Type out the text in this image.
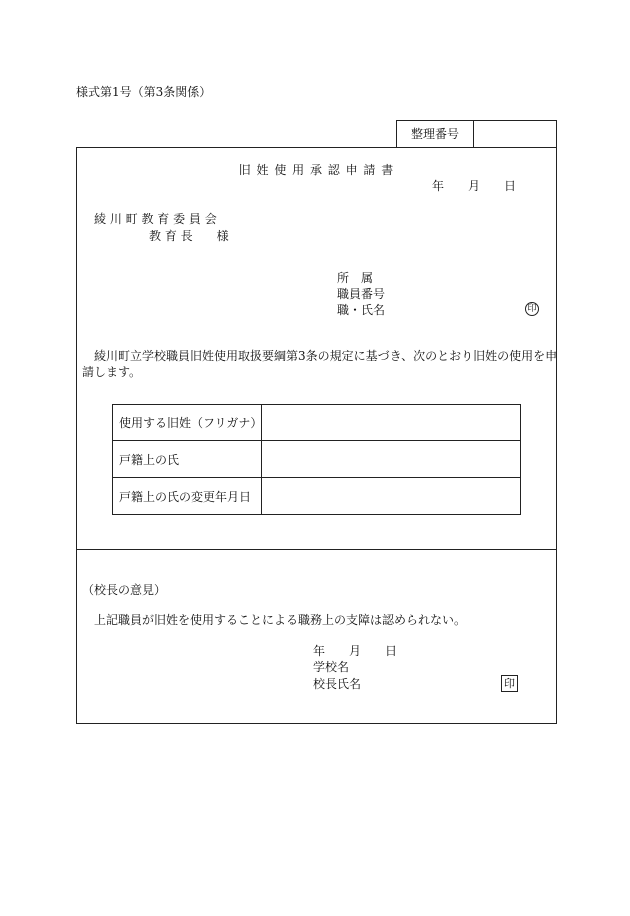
様式第1号（第3条関係）
整理番号
旧 姓 使 用 承 認 申 請 書
年　　月　　日
綾 川 町 教 育 委 員 会
教 育 長　　様
所　属
職員番号
職・氏名	印
綾川町立学校職員旧姓使用取扱要綱第3条の規定に基づき、次のとおり旧姓の使用を申
請します。
使用する旧姓（フリガナ）	
戸籍上の氏	
戸籍上の氏の変更年月日	
（校長の意見）
上記職員が旧姓を使用することによる職務上の支障は認められない。
年　　月　　日
学校名
校長氏名	印
